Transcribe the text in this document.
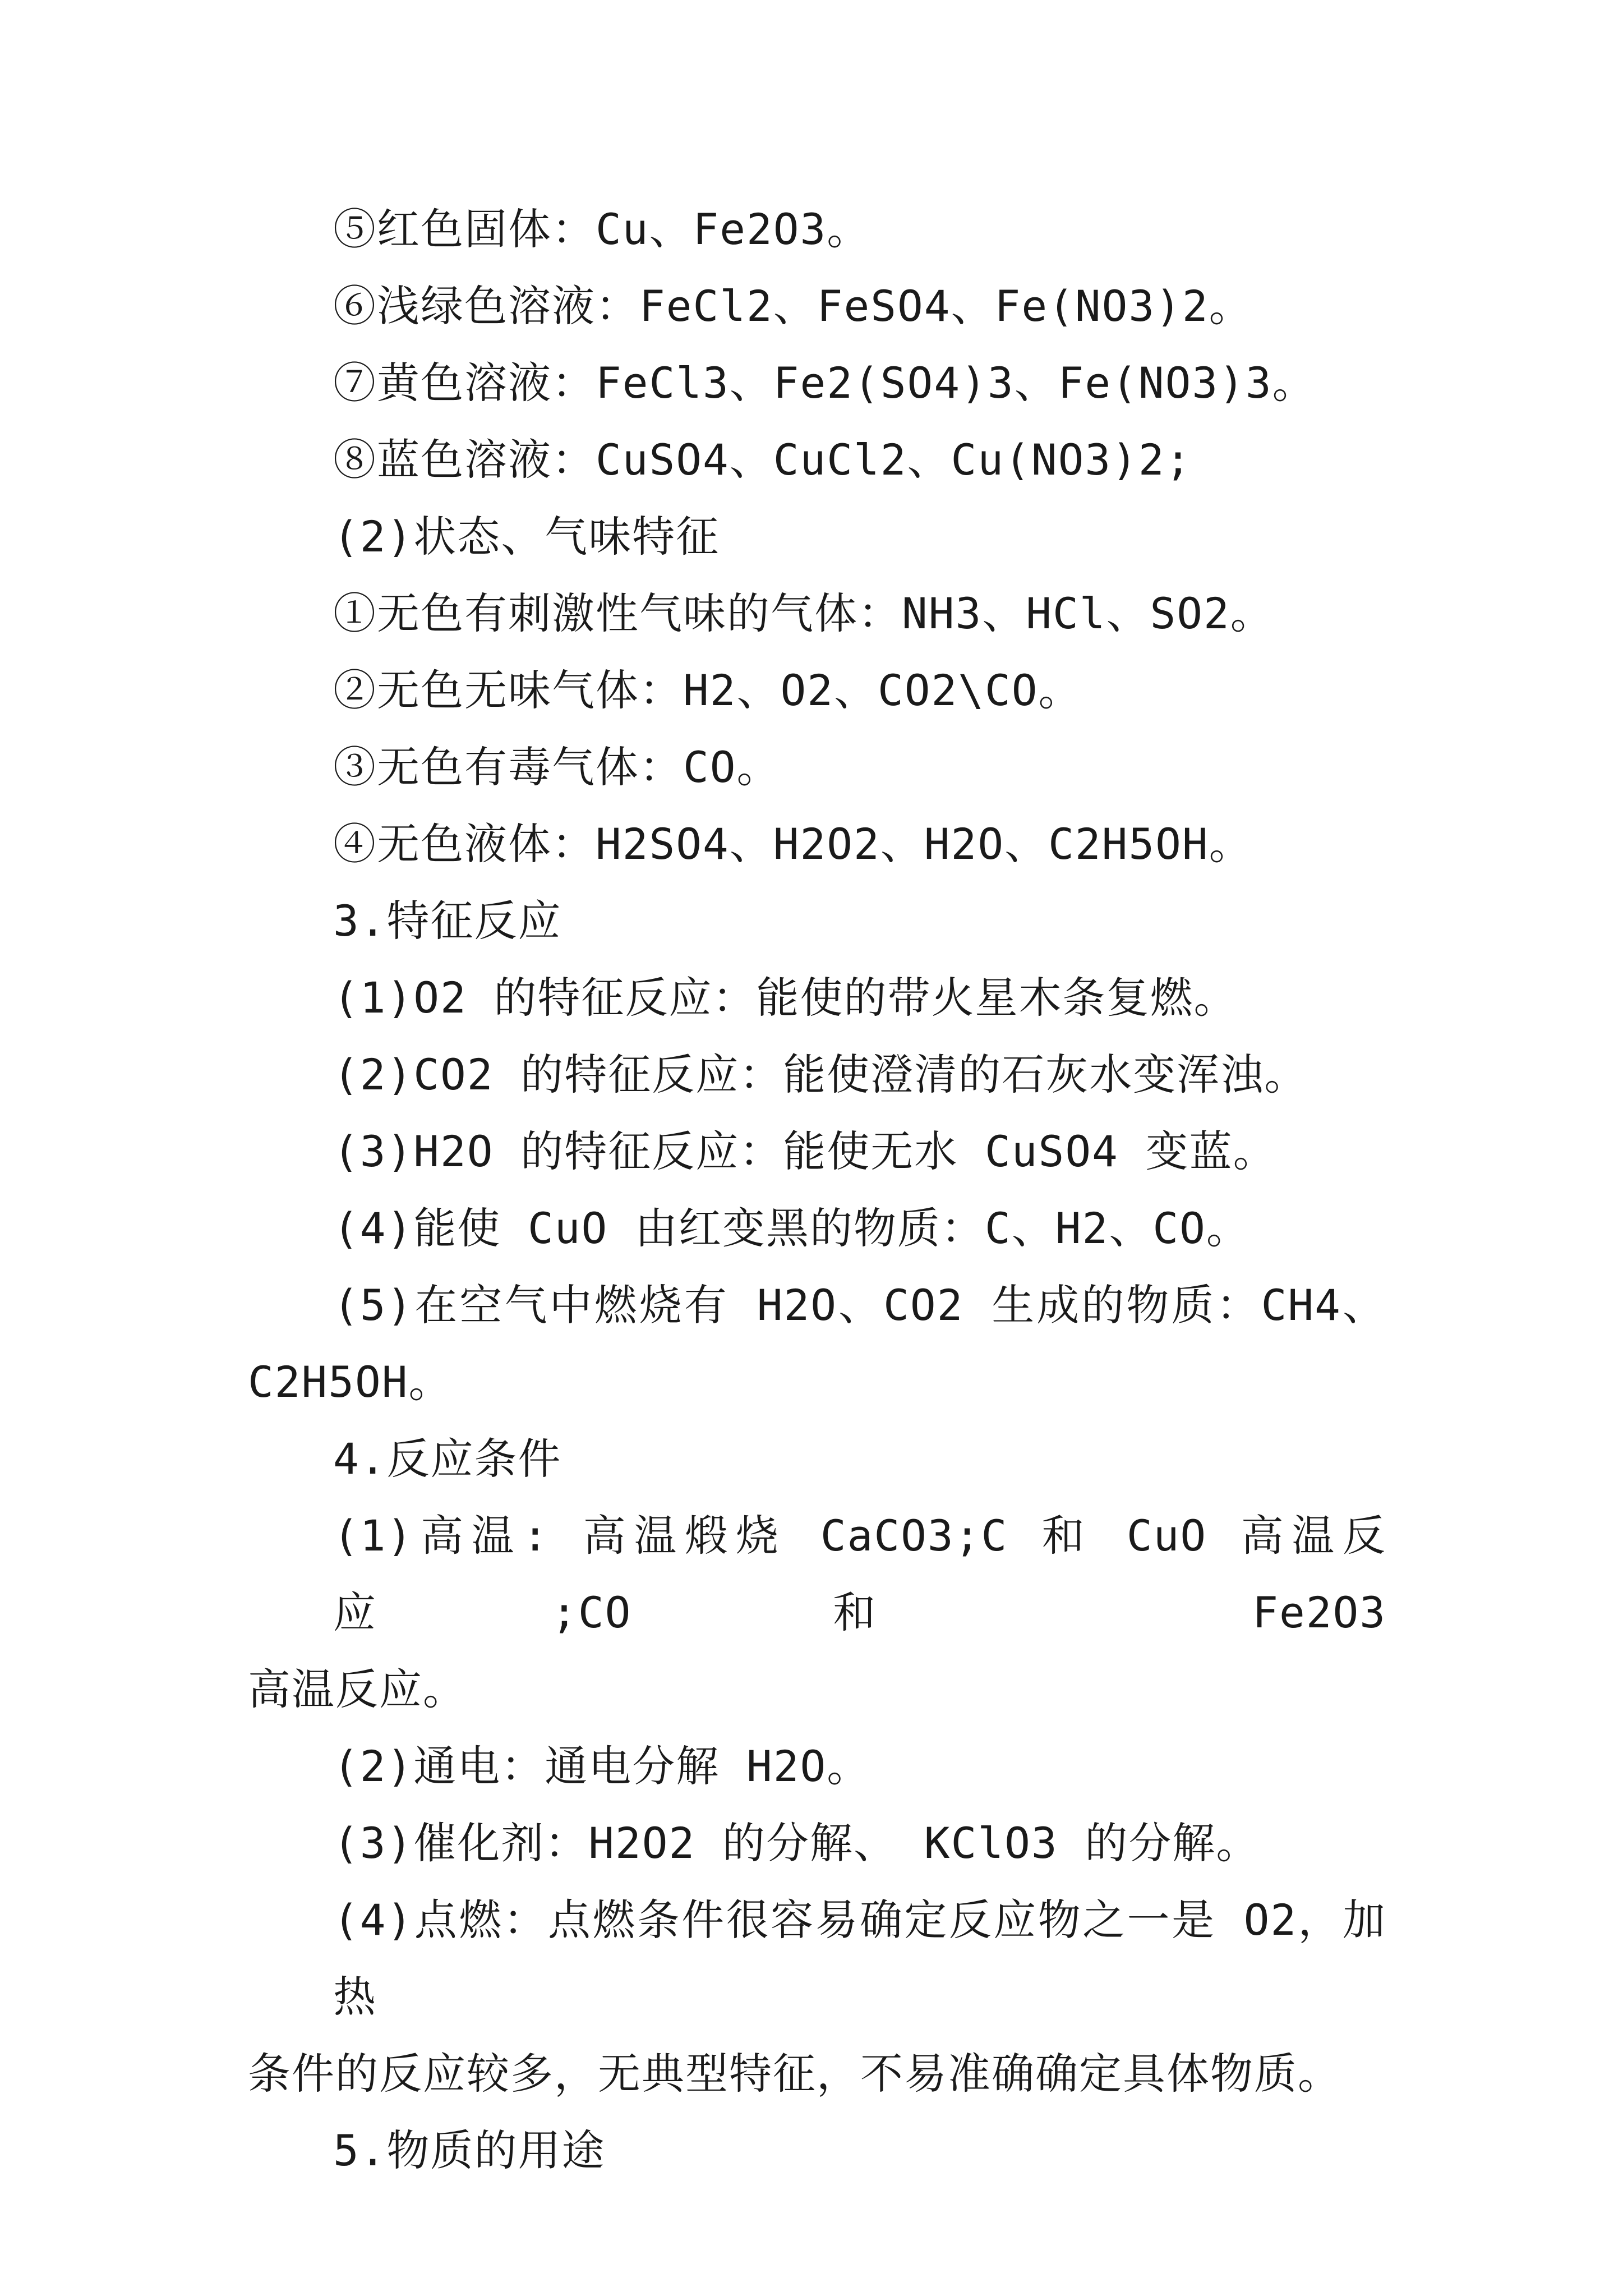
⑤红色固体：Cu、Fe2O3。
⑥浅绿色溶液：FeCl2、FeSO4、Fe(NO3)2。
⑦黄色溶液：FeCl3、Fe2(SO4)3、Fe(NO3)3。
⑧蓝色溶液：CuSO4、CuCl2、Cu(NO3)2;
(2)状态、气味特征
①无色有刺激性气味的气体：NH3、HCl、SO2。
②无色无味气体：H2、O2、CO2\CO。
③无色有毒气体：CO。
④无色液体：H2SO4、H2O2、H2O、C2H5OH。
3.特征反应
(1)O2 的特征反应：能使的带火星木条复燃。
(2)CO2 的特征反应：能使澄清的石灰水变浑浊。
(3)H2O 的特征反应：能使无水 CuSO4 变蓝。
(4)能使 CuO 由红变黑的物质：C、H2、CO。
(5)在空气中燃烧有 H2O、CO2 生成的物质：CH4、
C2H5OH。
4.反应条件
(1)高温: 高温煅烧 CaCO3;C 和 CuO 高温反应;CO 和 Fe2O3
高温反应。
(2)通电：通电分解 H2O。
(3)催化剂：H2O2 的分解、 KClO3 的分解。
(4)点燃：点燃条件很容易确定反应物之一是 O2，加热
条件的反应较多，无典型特征，不易准确确定具体物质。
5.物质的用途
